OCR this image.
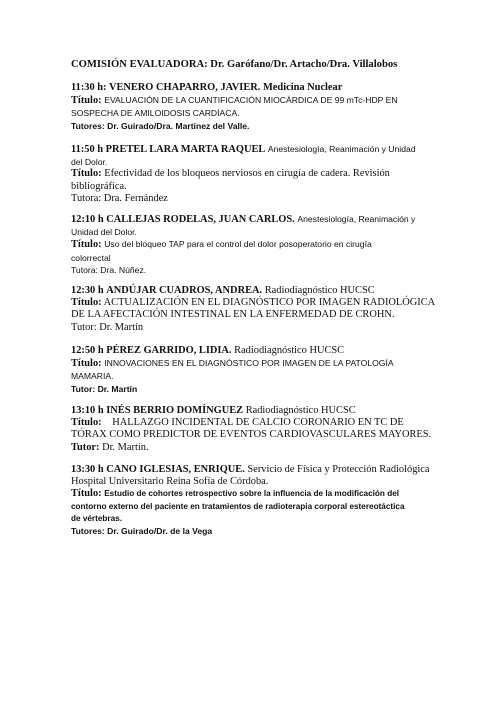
COMISIÓN EVALUADORA: Dr. Garófano/Dr. Artacho/Dra. Villalobos
11:30 h: VENERO CHAPARRO, JAVIER. Medicina Nuclear
Título: EVALUACIÓN DE LA CUANTIFICACIÓN MIOCÁRDICA DE 99 mTc-HDP EN
SOSPECHA DE AMILOIDOSIS CARDÍACA.
Tutores: Dr. Guirado/Dra. Martínez del Valle.
11:50 h PRETEL LARA MARTA RAQUEL Anestesiología, Reanimación y Unidad
del Dolor.
Título: Efectividad de los bloqueos nerviosos en cirugía de cadera. Revisión
bibliográfica.
Tutora: Dra. Fernández
12:10 h CALLEJAS RODELAS, JUAN CARLOS. Anestesiología, Reanimación y
Unidad del Dolor.
Título: Uso del bloqueo TAP para el control del dolor posoperatorio en cirugía
colorrectal
Tutora: Dra. Núñez.
12:30 h ANDÚJAR CUADROS, ANDREA. Radiodiagnóstico HUCSC
Título: ACTUALIZACIÓN EN EL DIAGNÓSTICO POR IMAGEN RADIOLÓGICA
DE LA AFECTACIÓN INTESTINAL EN LA ENFERMEDAD DE CROHN.
Tutor: Dr. Martín
12:50 h PÉREZ GARRIDO, LIDIA. Radiodiagnóstico HUCSC
Título: INNOVACIONES EN EL DIAGNÓSTICO POR IMAGEN DE LA PATOLOGÍA
MAMARIA.
Tutor: Dr. Martín
13:10 h INÉS BERRIO DOMÍNGUEZ Radiodiagnóstico HUCSC
Título: HALLAZGO INCIDENTAL DE CALCIO CORONARIO EN TC DE
TÓRAX COMO PREDICTOR DE EVENTOS CARDIOVASCULARES MAYORES.
Tutor: Dr. Martín.
13:30 h CANO IGLESIAS, ENRIQUE. Servicio de Física y Protección Radiológica
Hospital Universitario Reina Sofía de Córdoba.
Título: Estudio de cohortes retrospectivo sobre la influencia de la modificación del
contorno externo del paciente en tratamientos de radioterapia corporal estereotáctica
de vértebras.
Tutores: Dr. Guirado/Dr. de la Vega
